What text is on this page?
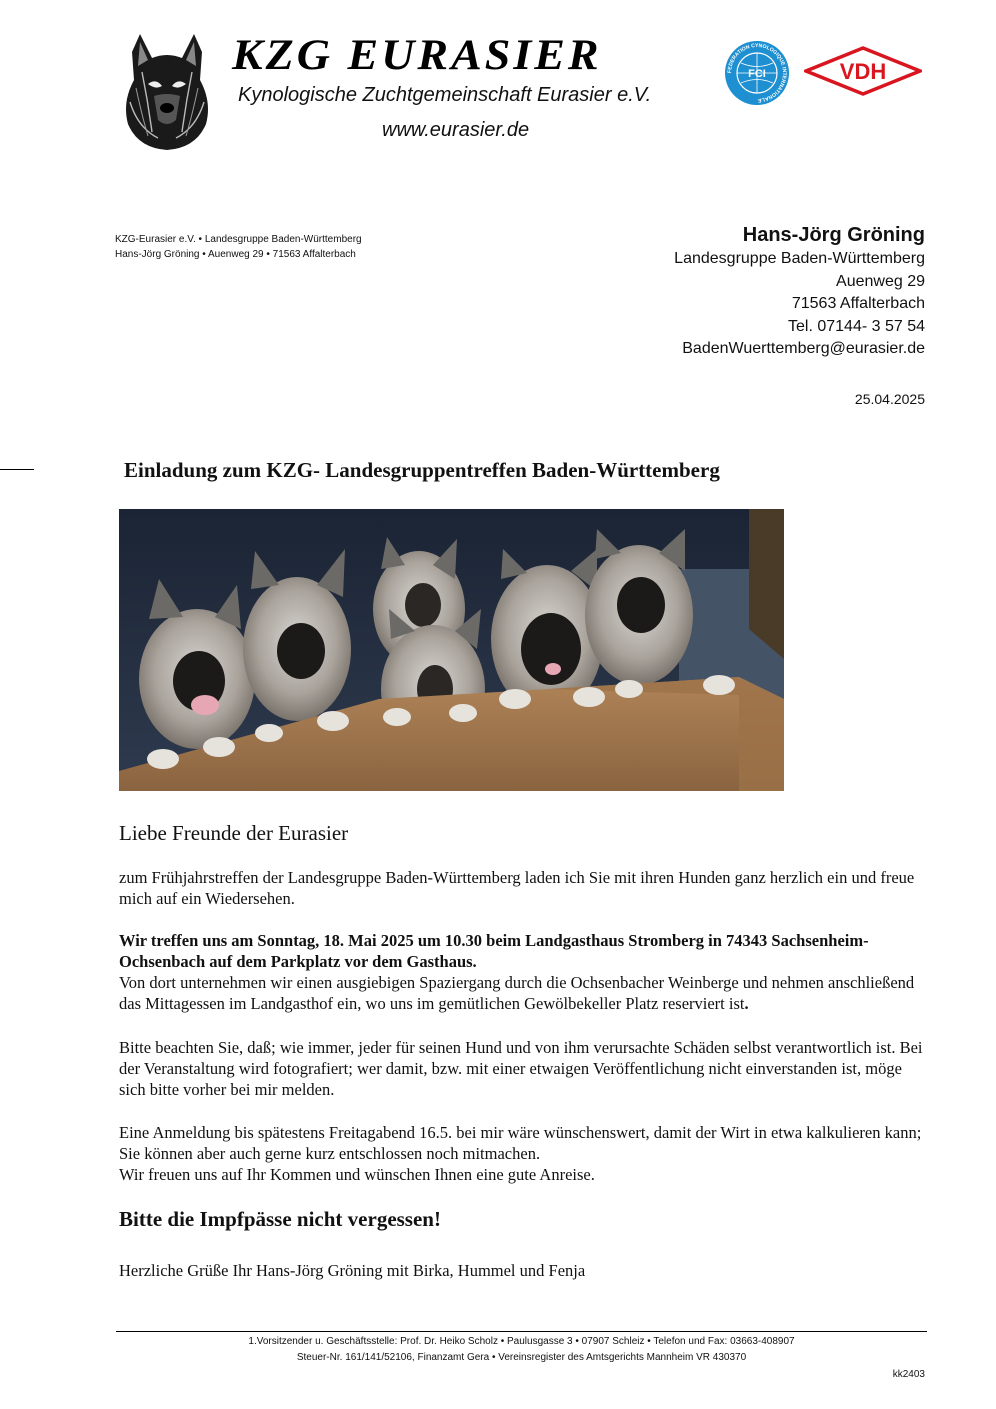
KZG EURASIER
Kynologische Zuchtgemeinschaft Eurasier e.V.
www.eurasier.de
FEDERATION CYNOLOGIQUE INTERNATIONALE
FCI	VDH
KZG-Eurasier e.V. • Landesgruppe Baden-Württemberg
Hans-Jörg Gröning • Auenweg 29 • 71563 Affalterbach
Hans-Jörg Gröning
Landesgruppe Baden-Württemberg
Auenweg 29
71563 Affalterbach
Tel. 07144- 3 57 54
BadenWuerttemberg@eurasier.de
25.04.2025
Einladung zum KZG- Landesgruppentreffen Baden-Württemberg
Liebe Freunde der Eurasier
zum Frühjahrstreffen der Landesgruppe Baden-Württemberg laden ich Sie mit ihren Hunden ganz herzlich ein und freue mich auf ein Wiedersehen.
Wir treffen uns am Sonntag, 18. Mai 2025 um 10.30 beim Landgasthaus Stromberg in 74343 Sachsenheim-Ochsenbach auf dem Parkplatz vor dem Gasthaus.
Von dort unternehmen wir einen ausgiebigen Spaziergang durch die Ochsenbacher Weinberge und nehmen anschließend das Mittagessen im Landgasthof ein, wo uns im gemütlichen Gewölbekeller Platz reserviert ist.
Bitte beachten Sie, daß; wie immer, jeder für seinen Hund und von ihm verursachte Schäden selbst verantwortlich ist. Bei der Veranstaltung wird fotografiert; wer damit, bzw. mit einer etwaigen Veröffentlichung nicht einverstanden ist, möge sich bitte vorher bei mir melden.
Eine Anmeldung bis spätestens Freitagabend 16.5. bei mir wäre wünschenswert, damit der Wirt in etwa kalkulieren kann; Sie können aber auch gerne kurz entschlossen noch mitmachen.
Wir freuen uns auf Ihr Kommen und wünschen Ihnen eine gute Anreise.
Bitte die Impfpässe nicht vergessen!
Herzliche Grüße Ihr Hans-Jörg Gröning mit Birka, Hummel und Fenja
1.Vorsitzender u. Geschäftsstelle: Prof. Dr. Heiko Scholz • Paulusgasse 3 • 07907 Schleiz • Telefon und Fax: 03663-408907
Steuer-Nr. 161/141/52106, Finanzamt Gera • Vereinsregister des Amtsgerichts Mannheim VR 430370
kk2403
